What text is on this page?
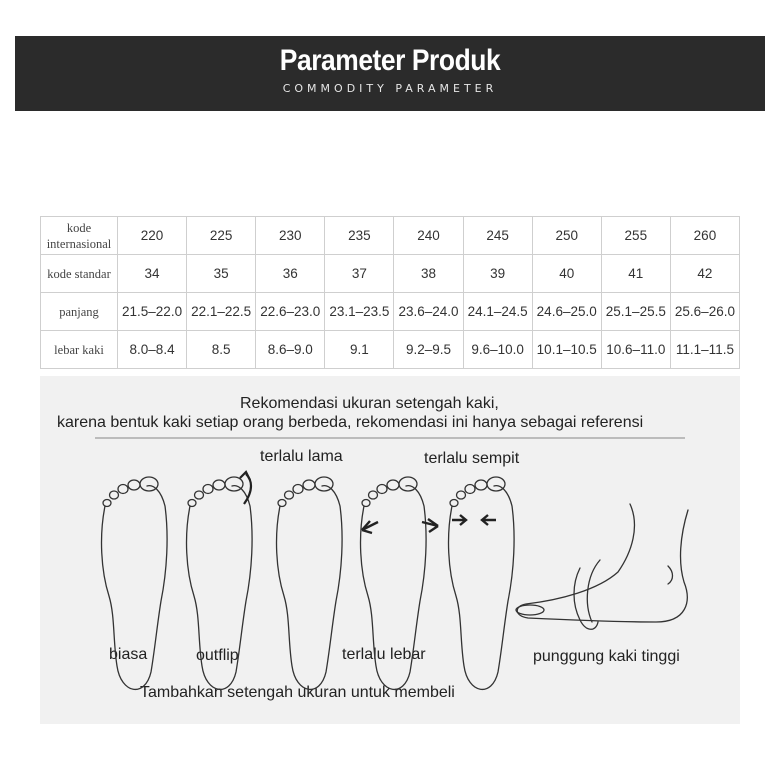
Parameter Produk
COMMODITY PARAMETER
kode internasional	220	225	230	235	240	245	250	255	260
kode standar	34	35	36	37	38	39	40	41	42
panjang	21.5–22.0	22.1–22.5	22.6–23.0	23.1–23.5	23.6–24.0	24.1–24.5	24.6–25.0	25.1–25.5	25.6–26.0
lebar kaki	8.0–8.4	8.5	8.6–9.0	9.1	9.2–9.5	9.6–10.0	10.1–10.5	10.6–11.0	11.1–11.5
Rekomendasi ukuran setengah kaki,
karena bentuk kaki setiap orang berbeda, rekomendasi ini hanya sebagai referensi
terlalu lama	terlalu sempit
biasa	outflip	terlalu lebar	punggung kaki tinggi
Tambahkan setengah ukuran untuk membeli
